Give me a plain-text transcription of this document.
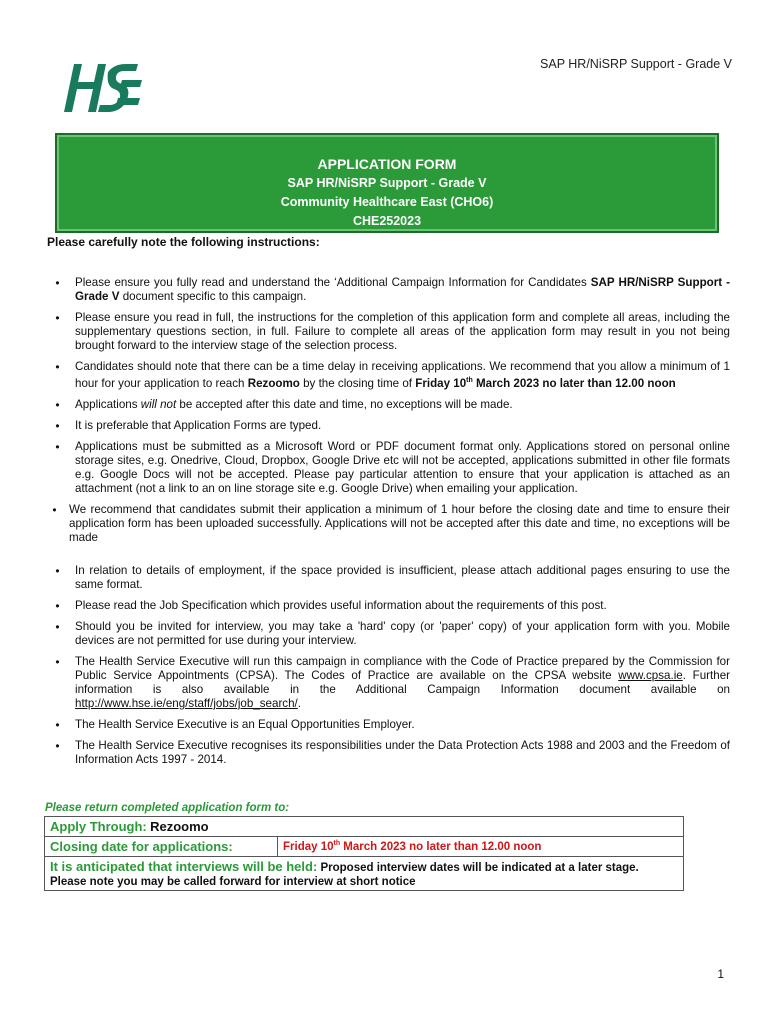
SAP HR/NiSRP Support - Grade V
APPLICATION FORM
SAP HR/NiSRP Support - Grade V
Community Healthcare East (CHO6)
CHE252023
Please carefully note the following instructions:
•	Please ensure you fully read and understand the ‘Additional Campaign Information for Candidates SAP HR/NiSRP Support - Grade V document specific to this campaign.
•	Please ensure you read in full, the instructions for the completion of this application form and complete all areas, including the supplementary questions section, in full. Failure to complete all areas of the application form may result in you not being brought forward to the interview stage of the selection process.
•	Candidates should note that there can be a time delay in receiving applications. We recommend that you allow a minimum of 1 hour for your application to reach Rezoomo by the closing time of Friday 10th March 2023 no later than 12.00 noon
•	Applications will not be accepted after this date and time, no exceptions will be made.
•	It is preferable that Application Forms are typed.
•	Applications must be submitted as a Microsoft Word or PDF document format only. Applications stored on personal online storage sites, e.g. Onedrive, Cloud, Dropbox, Google Drive etc will not be accepted, applications submitted in other file formats e.g. Google Docs will not be accepted. Please pay particular attention to ensure that your application is attached as an attachment (not a link to an on line storage site e.g. Google Drive) when emailing your application.
•	We recommend that candidates submit their application a minimum of 1 hour before the closing date and time to ensure their application form has been uploaded successfully. Applications will not be accepted after this date and time, no exceptions will be made
•	In relation to details of employment, if the space provided is insufficient, please attach additional pages ensuring to use the same format.
•	Please read the Job Specification which provides useful information about the requirements of this post.
•	Should you be invited for interview, you may take a 'hard' copy (or 'paper' copy) of your application form with you. Mobile devices are not permitted for use during your interview.
•	The Health Service Executive will run this campaign in compliance with the Code of Practice prepared by the Commission for Public Service Appointments (CPSA). The Codes of Practice are available on the CPSA website www.cpsa.ie. Further information is also available in the Additional Campaign Information document available on http://www.hse.ie/eng/staff/jobs/job_search/.
•	The Health Service Executive is an Equal Opportunities Employer.
•	The Health Service Executive recognises its responsibilities under the Data Protection Acts 1988 and 2003 and the Freedom of Information Acts 1997 - 2014.
Please return completed application form to:
Apply Through: Rezoomo
Closing date for applications:	Friday 10th March 2023 no later than 12.00 noon
It is anticipated that interviews will be held: Proposed interview dates will be indicated at a later stage. Please note you may be called forward for interview at short notice
1
